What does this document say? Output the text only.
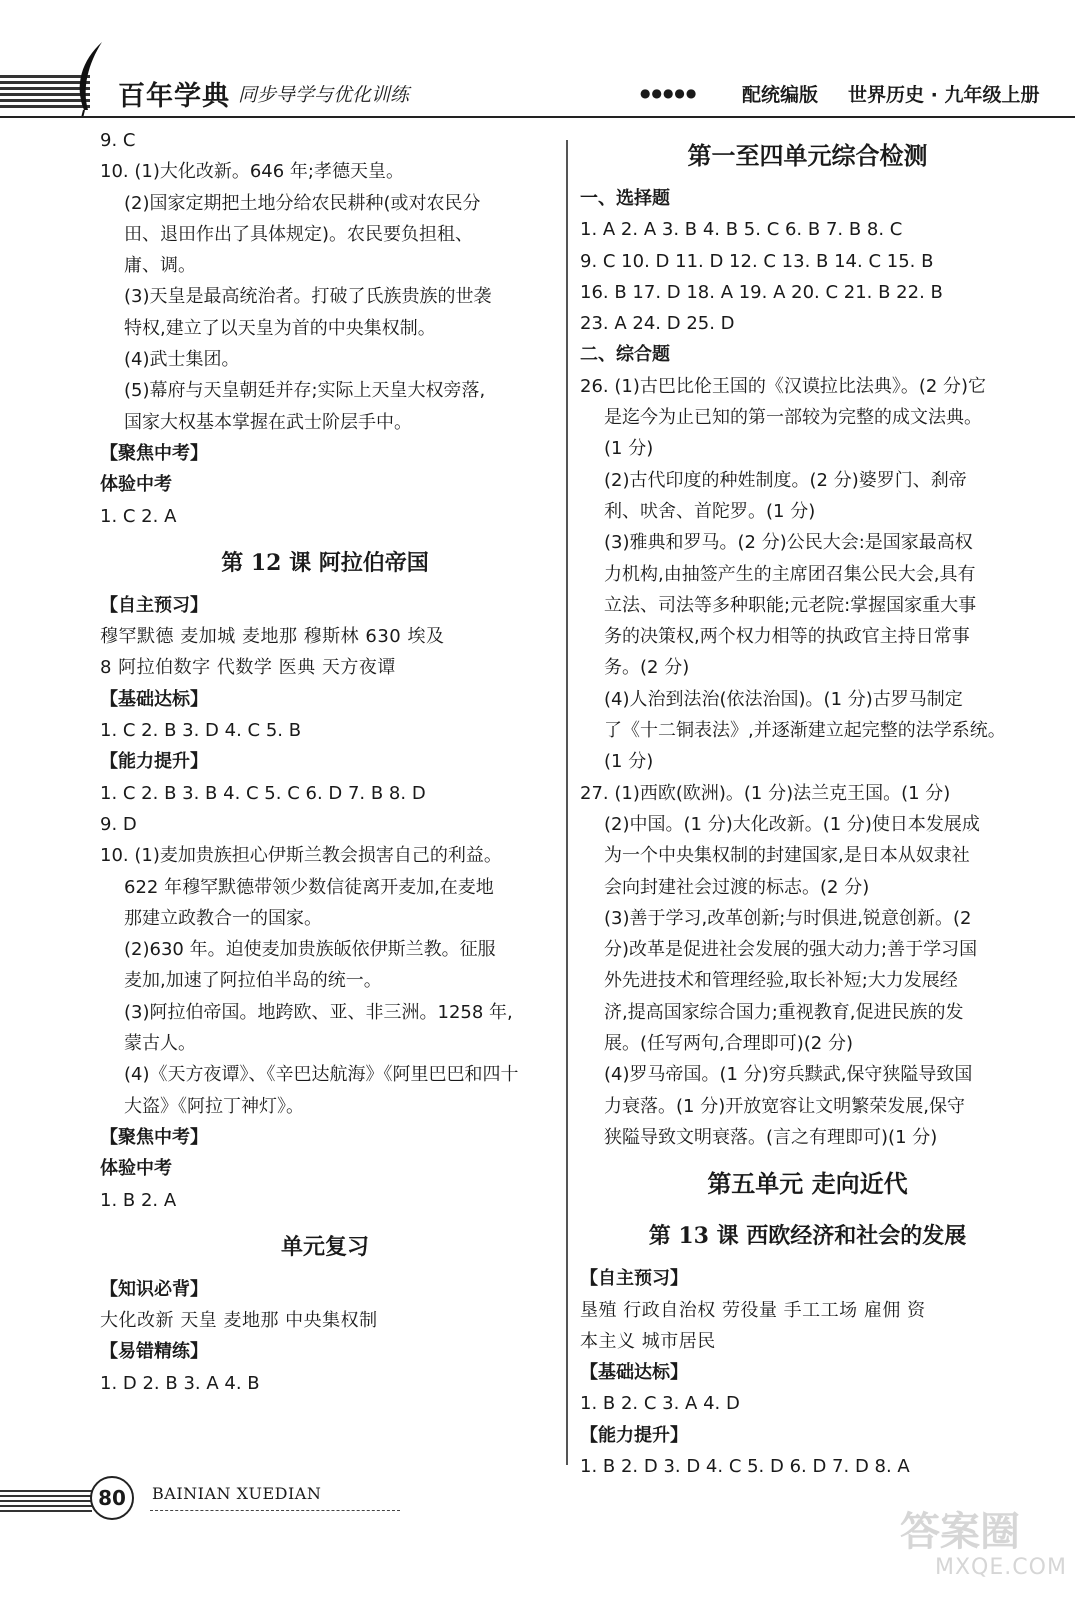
百年学典 同步导学与优化训练	●●●●● 配统编版 世界历史 · 九年级上册
9. C
10. (1)大化改新。646 年;孝德天皇。
(2)国家定期把土地分给农民耕种(或对农民分
田、退田作出了具体规定)。农民要负担租、
庸、调。
(3)天皇是最高统治者。打破了氏族贵族的世袭
特权,建立了以天皇为首的中央集权制。
(4)武士集团。
(5)幕府与天皇朝廷并存;实际上天皇大权旁落,
国家大权基本掌握在武士阶层手中。
【聚焦中考】
体验中考
1. C 2. A
第 12 课 阿拉伯帝国
【自主预习】
穆罕默德 麦加城 麦地那 穆斯林 630 埃及
8 阿拉伯数字 代数学 医典 天方夜谭
【基础达标】
1. C 2. B 3. D 4. C 5. B
【能力提升】
1. C 2. B 3. B 4. C 5. C 6. D 7. B 8. D
9. D
10. (1)麦加贵族担心伊斯兰教会损害自己的利益。
622 年穆罕默德带领少数信徒离开麦加,在麦地
那建立政教合一的国家。
(2)630 年。迫使麦加贵族皈依伊斯兰教。征服
麦加,加速了阿拉伯半岛的统一。
(3)阿拉伯帝国。地跨欧、亚、非三洲。1258 年,
蒙古人。
(4)《天方夜谭》、《辛巴达航海》《阿里巴巴和四十
大盗》《阿拉丁神灯》。
【聚焦中考】
体验中考
1. B 2. A
单元复习
【知识必背】
大化改新 天皇 麦地那 中央集权制
【易错精练】
1. D 2. B 3. A 4. B
第一至四单元综合检测
一、选择题
1. A 2. A 3. B 4. B 5. C 6. B 7. B 8. C
9. C 10. D 11. D 12. C 13. B 14. C 15. B
16. B 17. D 18. A 19. A 20. C 21. B 22. B
23. A 24. D 25. D
二、综合题
26. (1)古巴比伦王国的《汉谟拉比法典》。(2 分)它
是迄今为止已知的第一部较为完整的成文法典。
(1 分)
(2)古代印度的种姓制度。(2 分)婆罗门、刹帝
利、吠舍、首陀罗。(1 分)
(3)雅典和罗马。(2 分)公民大会:是国家最高权
力机构,由抽签产生的主席团召集公民大会,具有
立法、司法等多种职能;元老院:掌握国家重大事
务的决策权,两个权力相等的执政官主持日常事
务。(2 分)
(4)人治到法治(依法治国)。(1 分)古罗马制定
了《十二铜表法》,并逐渐建立起完整的法学系统。
(1 分)
27. (1)西欧(欧洲)。(1 分)法兰克王国。(1 分)
(2)中国。(1 分)大化改新。(1 分)使日本发展成
为一个中央集权制的封建国家,是日本从奴隶社
会向封建社会过渡的标志。(2 分)
(3)善于学习,改革创新;与时俱进,锐意创新。(2
分)改革是促进社会发展的强大动力;善于学习国
外先进技术和管理经验,取长补短;大力发展经
济,提高国家综合国力;重视教育,促进民族的发
展。(任写两句,合理即可)(2 分)
(4)罗马帝国。(1 分)穷兵黩武,保守狭隘导致国
力衰落。(1 分)开放宽容让文明繁荣发展,保守
狭隘导致文明衰落。(言之有理即可)(1 分)
第五单元 走向近代
第 13 课 西欧经济和社会的发展
【自主预习】
垦殖 行政自治权 劳役量 手工工场 雇佣 资
本主义 城市居民
【基础达标】
1. B 2. C 3. A 4. D
【能力提升】
1. B 2. D 3. D 4. C 5. D 6. D 7. D 8. A
80	BAINIAN XUEDIAN
答案圈
MXQE.COM
